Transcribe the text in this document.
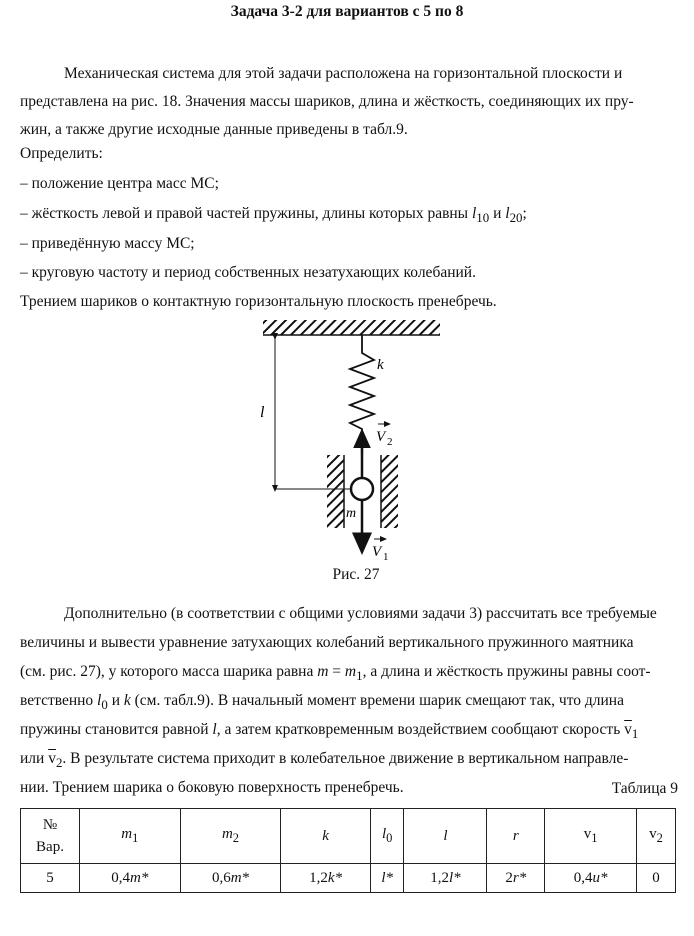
Задача 3-2 для вариантов с 5 по 8
Механическая система для этой задачи расположена на горизонтальной плоскости и
представлена на рис. 18. Значения массы шариков, длина и жёсткость, соединяющих их пру-
жин, а также другие исходные данные приведены в табл.9.
Определить:
– положение центра масс МС;
– жёсткость левой и правой частей пружины, длины которых равны $l_{10}$ и $l_{20}$;
– приведённую массу МС;
– круговую частоту и период собственных незатухающих колебаний.
Трением шариков о контактную горизонтальную плоскость пренебречь.
k
l
m
V 2
V 1
Рис. 27
Дополнительно (в соответствии с общими условиями задачи 3) рассчитать все требуемые
величины и вывести уравнение затухающих колебаний вертикального пружинного маятника
(см. рис. 27), у которого масса шарика равна $m = m_1$, а длина и жёсткость пружины равны соот-
ветственно $l_0$ и k (см. табл.9). В начальный момент времени шарик смещают так, что длина
пружины становится равной l, а затем кратковременным воздействием сообщают скорость $\overline{v}_1$
или $\overline{v}_2$. В результате система приходит в колебательное движение в вертикальном направле-
нии. Трением шарика о боковую поверхность пренебречь.	Таблица 9
№
Вар.	$m_1$	$m_2$	k	$l_0$	l	r	$v_1$	$v_2$
5	0,4m*	0,6m*	1,2k*	l*	1,2l*	2r*	0,4u*	0
